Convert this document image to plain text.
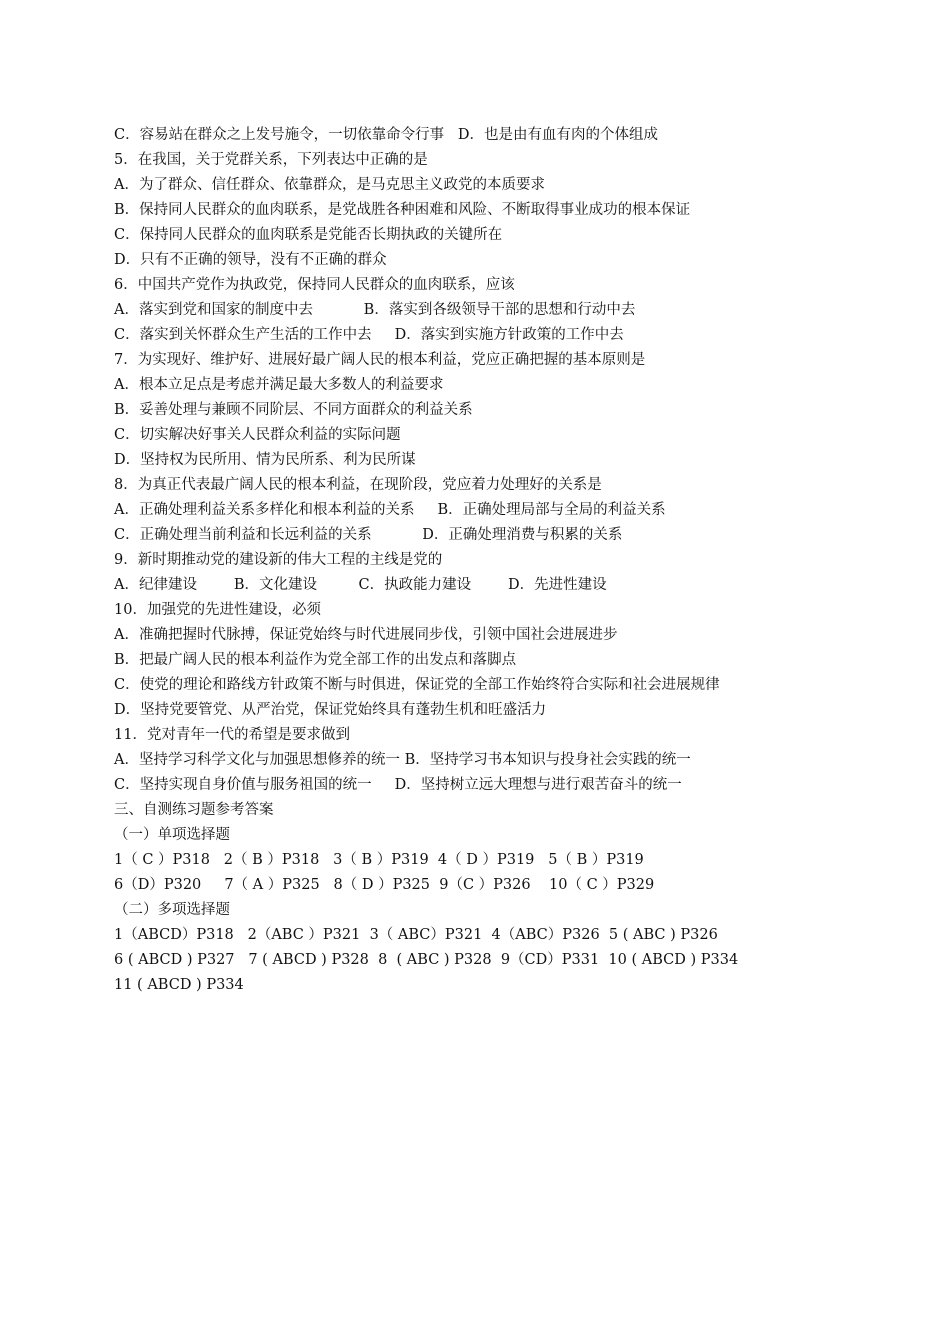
C．容易站在群众之上发号施令，一切依靠命令行事   D．也是由有血有肉的个体组成
5．在我国，关于党群关系，下列表达中正确的是
A．为了群众、信任群众、依靠群众，是马克思主义政党的本质要求
B．保持同人民群众的血肉联系，是党战胜各种困难和风险、不断取得事业成功的根本保证
C．保持同人民群众的血肉联系是党能否长期执政的关键所在
D．只有不正确的领导，没有不正确的群众
6．中国共产党作为执政党，保持同人民群众的血肉联系，应该
A．落实到党和国家的制度中去           B．落实到各级领导干部的思想和行动中去
C．落实到关怀群众生产生活的工作中去     D．落实到实施方针政策的工作中去
7．为实现好、维护好、进展好最广阔人民的根本利益，党应正确把握的基本原则是
A．根本立足点是考虑并满足最大多数人的利益要求
B．妥善处理与兼顾不同阶层、不同方面群众的利益关系
C．切实解决好事关人民群众利益的实际问题
D．坚持权为民所用、情为民所系、利为民所谋
8．为真正代表最广阔人民的根本利益，在现阶段，党应着力处理好的关系是
A．正确处理利益关系多样化和根本利益的关系     B．正确处理局部与全局的利益关系
C．正确处理当前利益和长远利益的关系           D．正确处理消费与积累的关系
9．新时期推动党的建设新的伟大工程的主线是党的
A．纪律建设        B．文化建设         C．执政能力建设        D．先进性建设
10．加强党的先进性建设，必须
A．准确把握时代脉搏，保证党始终与时代进展同步伐，引领中国社会进展进步
B．把最广阔人民的根本利益作为党全部工作的出发点和落脚点
C．使党的理论和路线方针政策不断与时俱进，保证党的全部工作始终符合实际和社会进展规律
D．坚持党要管党、从严治党，保证党始终具有蓬勃生机和旺盛活力
11．党对青年一代的希望是要求做到
A．坚持学习科学文化与加强思想修养的统一 B．坚持学习书本知识与投身社会实践的统一
C．坚持实现自身价值与服务祖国的统一     D．坚持树立远大理想与进行艰苦奋斗的统一
三、自测练习题参考答案
（一）单项选择题
1（ C ）P318   2（ B ）P318   3（ B ）P319  4（ D ）P319   5（ B ）P319
6（D）P320     7（ A ）P325   8（ D ）P325  9（C ）P326    10（ C ）P329
（二）多项选择题
1（ABCD）P318   2（ABC ）P321  3（ ABC）P321  4（ABC）P326  5 ( ABC ) P326
6 ( ABCD ) P327   7 ( ABCD ) P328  8  ( ABC ) P328  9（CD）P331  10 ( ABCD ) P334
11 ( ABCD ) P334
